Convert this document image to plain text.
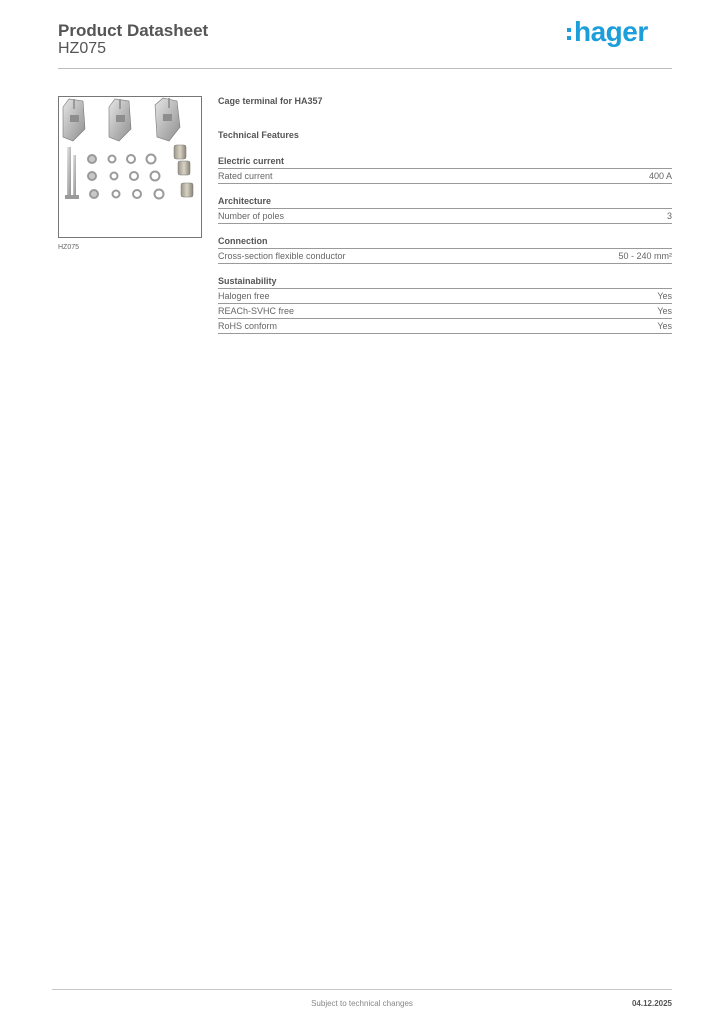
Product Datasheet
HZ075
hager
HZ075
Cage terminal for HA357
Technical Features
Electric current
Rated current	400 A
Architecture
Number of poles	3
Connection
Cross-section flexible conductor	50 - 240 mm²
Sustainability
Halogen free	Yes
REACh-SVHC free	Yes
RoHS conform	Yes
Subject to technical changes	04.12.2025
